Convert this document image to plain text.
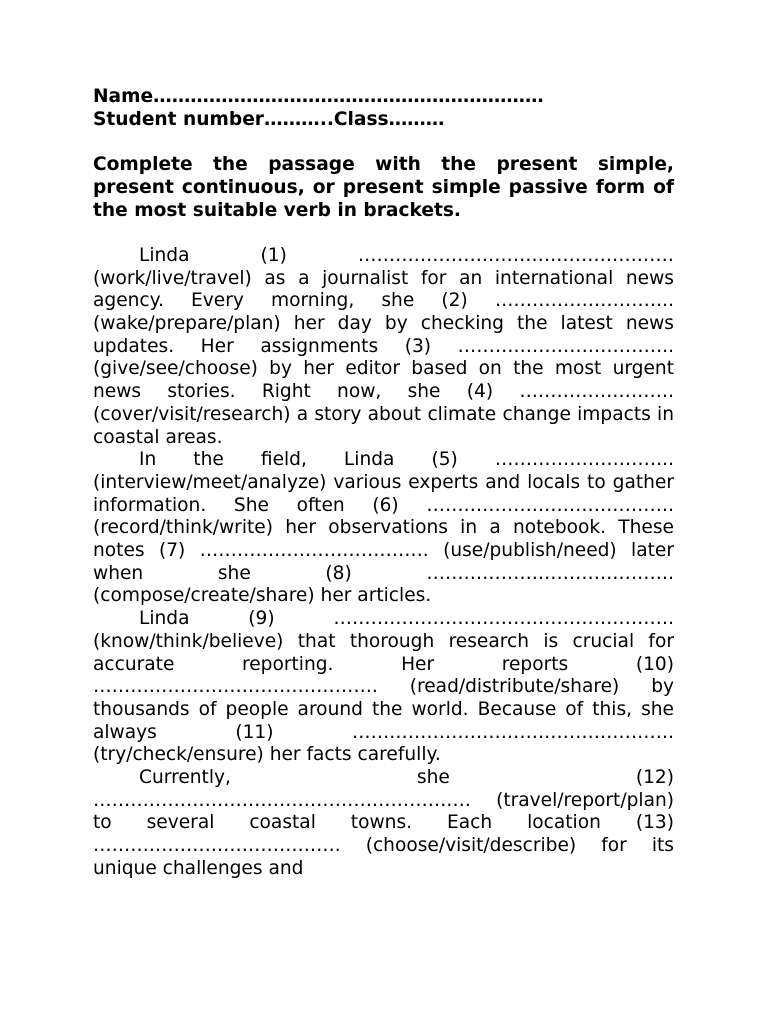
Name………………………………………………………
Student number………..Class………
Complete the passage with the present simple, present continuous, or present simple passive form of the most suitable verb in brackets.

Linda (1) …………………………………………… (work/live/travel) as a journalist for an international news agency. Every morning, she (2) ……………………….. (wake/prepare/plan) her day by checking the latest news updates. Her assignments (3) …………………………….. (give/see/choose) by her editor based on the most urgent news stories. Right now, she (4) ……………………. (cover/visit/research) a story about climate change impacts in coastal areas.

In the field, Linda (5) ……………………….. (interview/meet/analyze) various experts and locals to gather information. She often (6) …………………………………. (record/think/write) her observations in a notebook. These notes (7) ………………………………. (use/publish/need) later when she (8) …………………………………. (compose/create/share) her articles.

Linda (9) ………………………………………………. (know/think/believe) that thorough research is crucial for accurate reporting. Her reports (10) ………………………………………. (read/distribute/share) by thousands of people around the world. Because of this, she always (11) ……………………………………………. (try/check/ensure) her facts carefully.

Currently, she (12) ……………………………………………………. (travel/report/plan) to several coastal towns. Each location (13) …………………………………. (choose/visit/describe) for its unique challenges and
